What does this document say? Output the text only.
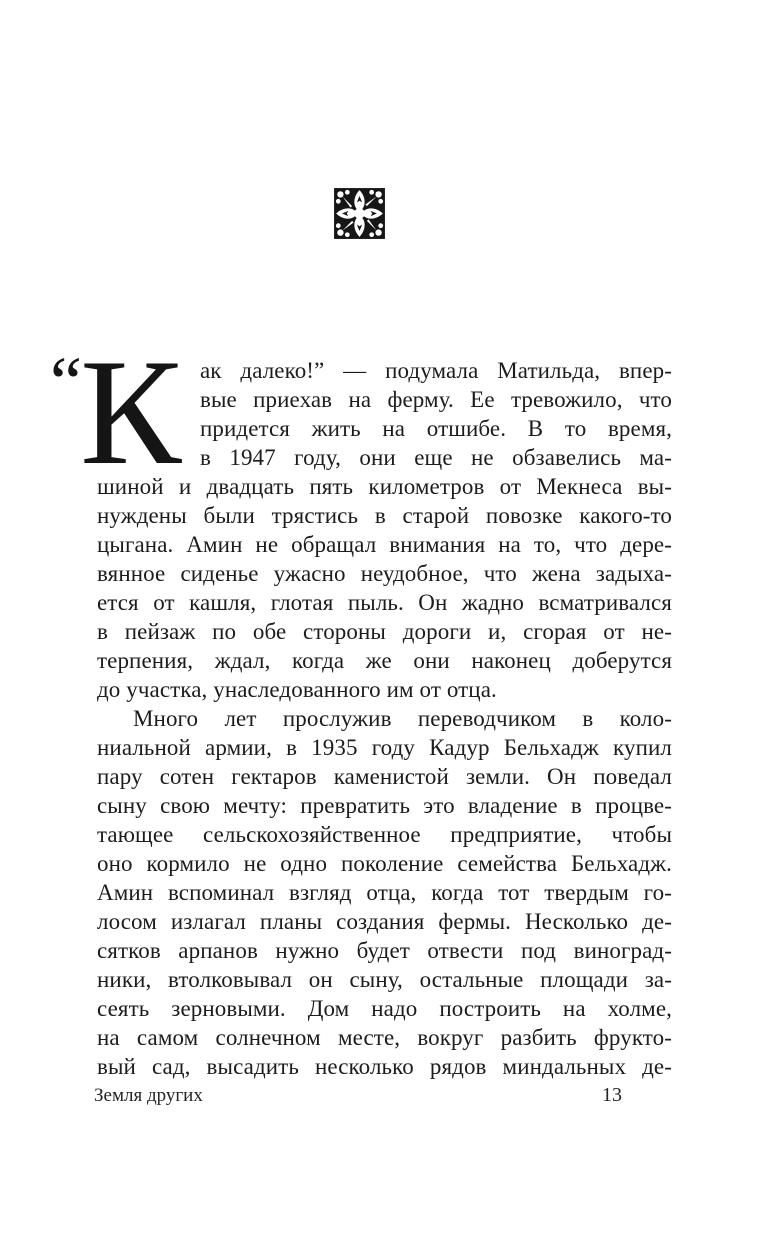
“ К ак далеко!” — подумала Матильда, впер-
вые приехав на ферму. Ее тревожило, что
придется жить на отшибе. В то время,
в 1947 году, они еще не обзавелись ма-
шиной и двадцать пять километров от Мекнеса вы-
нуждены были трястись в старой повозке какого-то
цыгана. Амин не обращал внимания на то, что дере-
вянное сиденье ужасно неудобное, что жена задыха-
ется от кашля, глотая пыль. Он жадно всматривался
в пейзаж по обе стороны дороги и, сгорая от не-
терпения, ждал, когда же они наконец доберутся
до участка, унаследованного им от отца.
Много лет прослужив переводчиком в коло-
ниальной армии, в 1935 году Кадур Бельхадж купил
пару сотен гектаров каменистой земли. Он поведал
сыну свою мечту: превратить это владение в процве-
тающее сельскохозяйственное предприятие, чтобы
оно кормило не одно поколение семейства Бельхадж.
Амин вспоминал взгляд отца, когда тот твердым го-
лосом излагал планы создания фермы. Несколько де-
сятков арпанов нужно будет отвести под виноград-
ники, втолковывал он сыну, остальные площади за-
сеять зерновыми. Дом надо построить на холме,
на самом солнечном месте, вокруг разбить фрукто-
вый сад, высадить несколько рядов миндальных де-
Земля других	13
